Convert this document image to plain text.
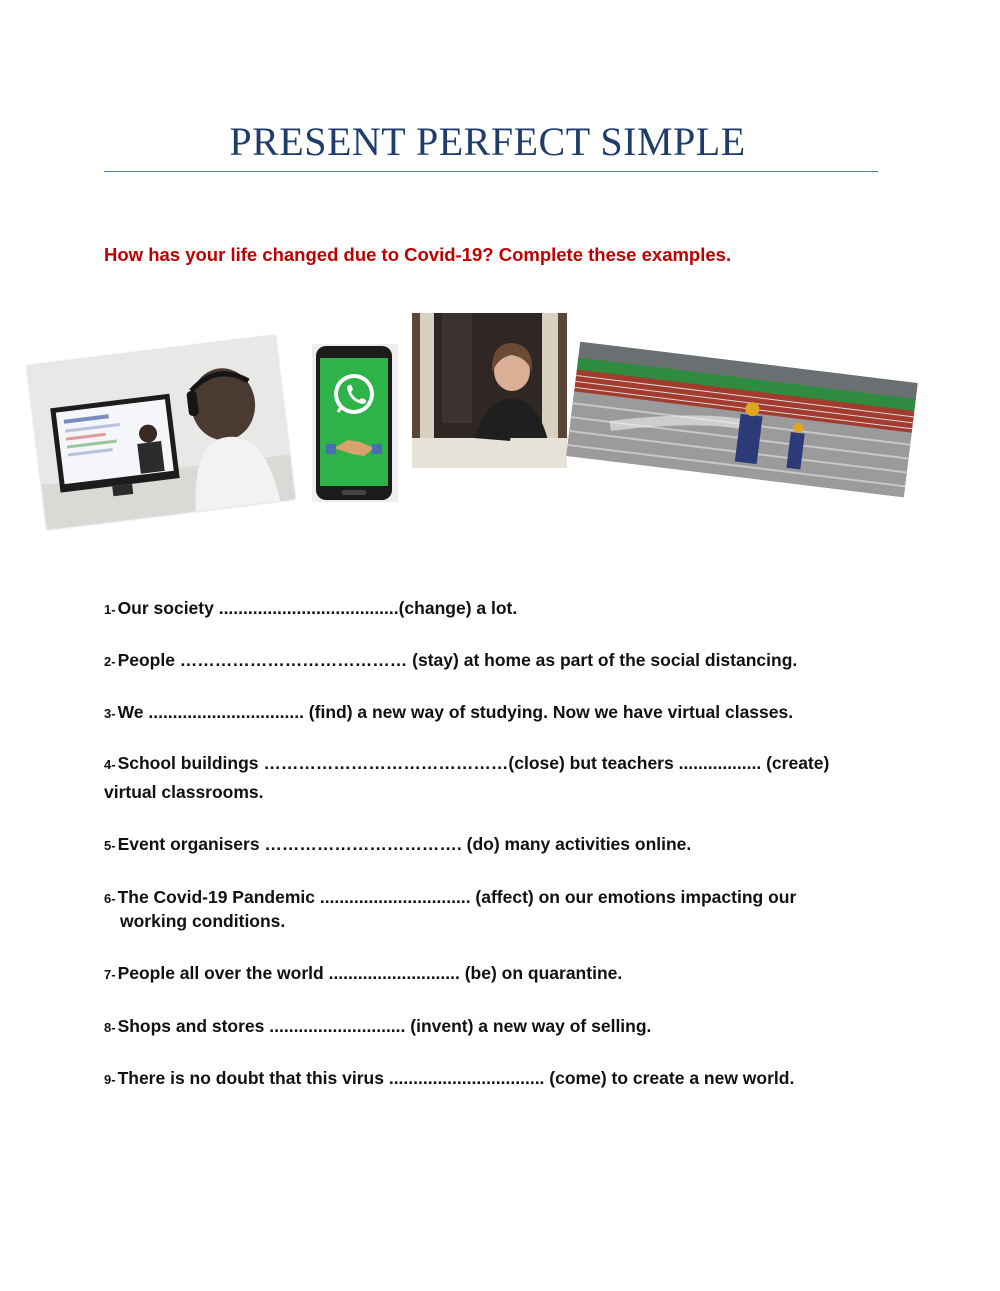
PRESENT PERFECT SIMPLE
How has your life changed due to Covid-19? Complete these examples.
1- Our society .....................................(change) a lot.
2- People ………………………………… (stay) at home as part of the social distancing.
3- We ................................ (find) a new way of studying. Now we have virtual classes.
4- School buildings ……………………………………(close) but teachers ................. (create)
virtual classrooms.
5- Event organisers ……………………………. (do) many activities online.
6- The Covid-19 Pandemic ............................... (affect) on our emotions impacting our
working conditions.
7- People all over the world ........................... (be) on quarantine.
8- Shops and stores ............................ (invent) a new way of selling.
9- There is no doubt that this virus ................................ (come) to create a new world.
